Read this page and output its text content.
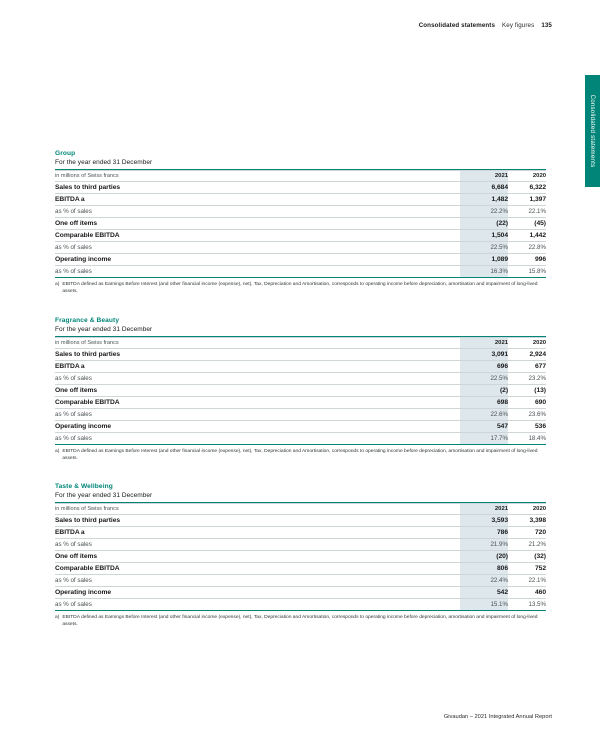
Consolidated statements Key figures 135
Consolidated statements
Group
For the year ended 31 December

in millions of Swiss francs	2021	2020
Sales to third parties	6,684	6,322
EBITDA a	1,482	1,397
as % of sales	22.2%	22.1%
One off items	(22)	(45)
Comparable EBITDA	1,504	1,442
as % of sales	22.5%	22.8%
Operating income	1,089	996
as % of sales	16.3%	15.8%
a) EBITDA defined as Earnings Before Interest (and other financial income (expense), net), Tax, Depreciation and Amortisation, corresponds to operating income before depreciation, amortisation and impairment of long-lived assets.
Fragrance & Beauty
For the year ended 31 December

in millions of Swiss francs	2021	2020
Sales to third parties	3,091	2,924
EBITDA a	696	677
as % of sales	22.5%	23.2%
One off items	(2)	(13)
Comparable EBITDA	698	690
as % of sales	22.6%	23.6%
Operating income	547	536
as % of sales	17.7%	18.4%
a) EBITDA defined as Earnings Before Interest (and other financial income (expense), net), Tax, Depreciation and Amortisation, corresponds to operating income before depreciation, amortisation and impairment of long-lived assets.
Taste & Wellbeing
For the year ended 31 December

in millions of Swiss francs	2021	2020
Sales to third parties	3,593	3,398
EBITDA a	786	720
as % of sales	21.9%	21.2%
One off items	(20)	(32)
Comparable EBITDA	806	752
as % of sales	22.4%	22.1%
Operating income	542	460
as % of sales	15.1%	13.5%
a) EBITDA defined as Earnings Before Interest (and other financial income (expense), net), Tax, Depreciation and Amortisation, corresponds to operating income before depreciation, amortisation and impairment of long-lived assets.
Givaudan – 2021 Integrated Annual Report
